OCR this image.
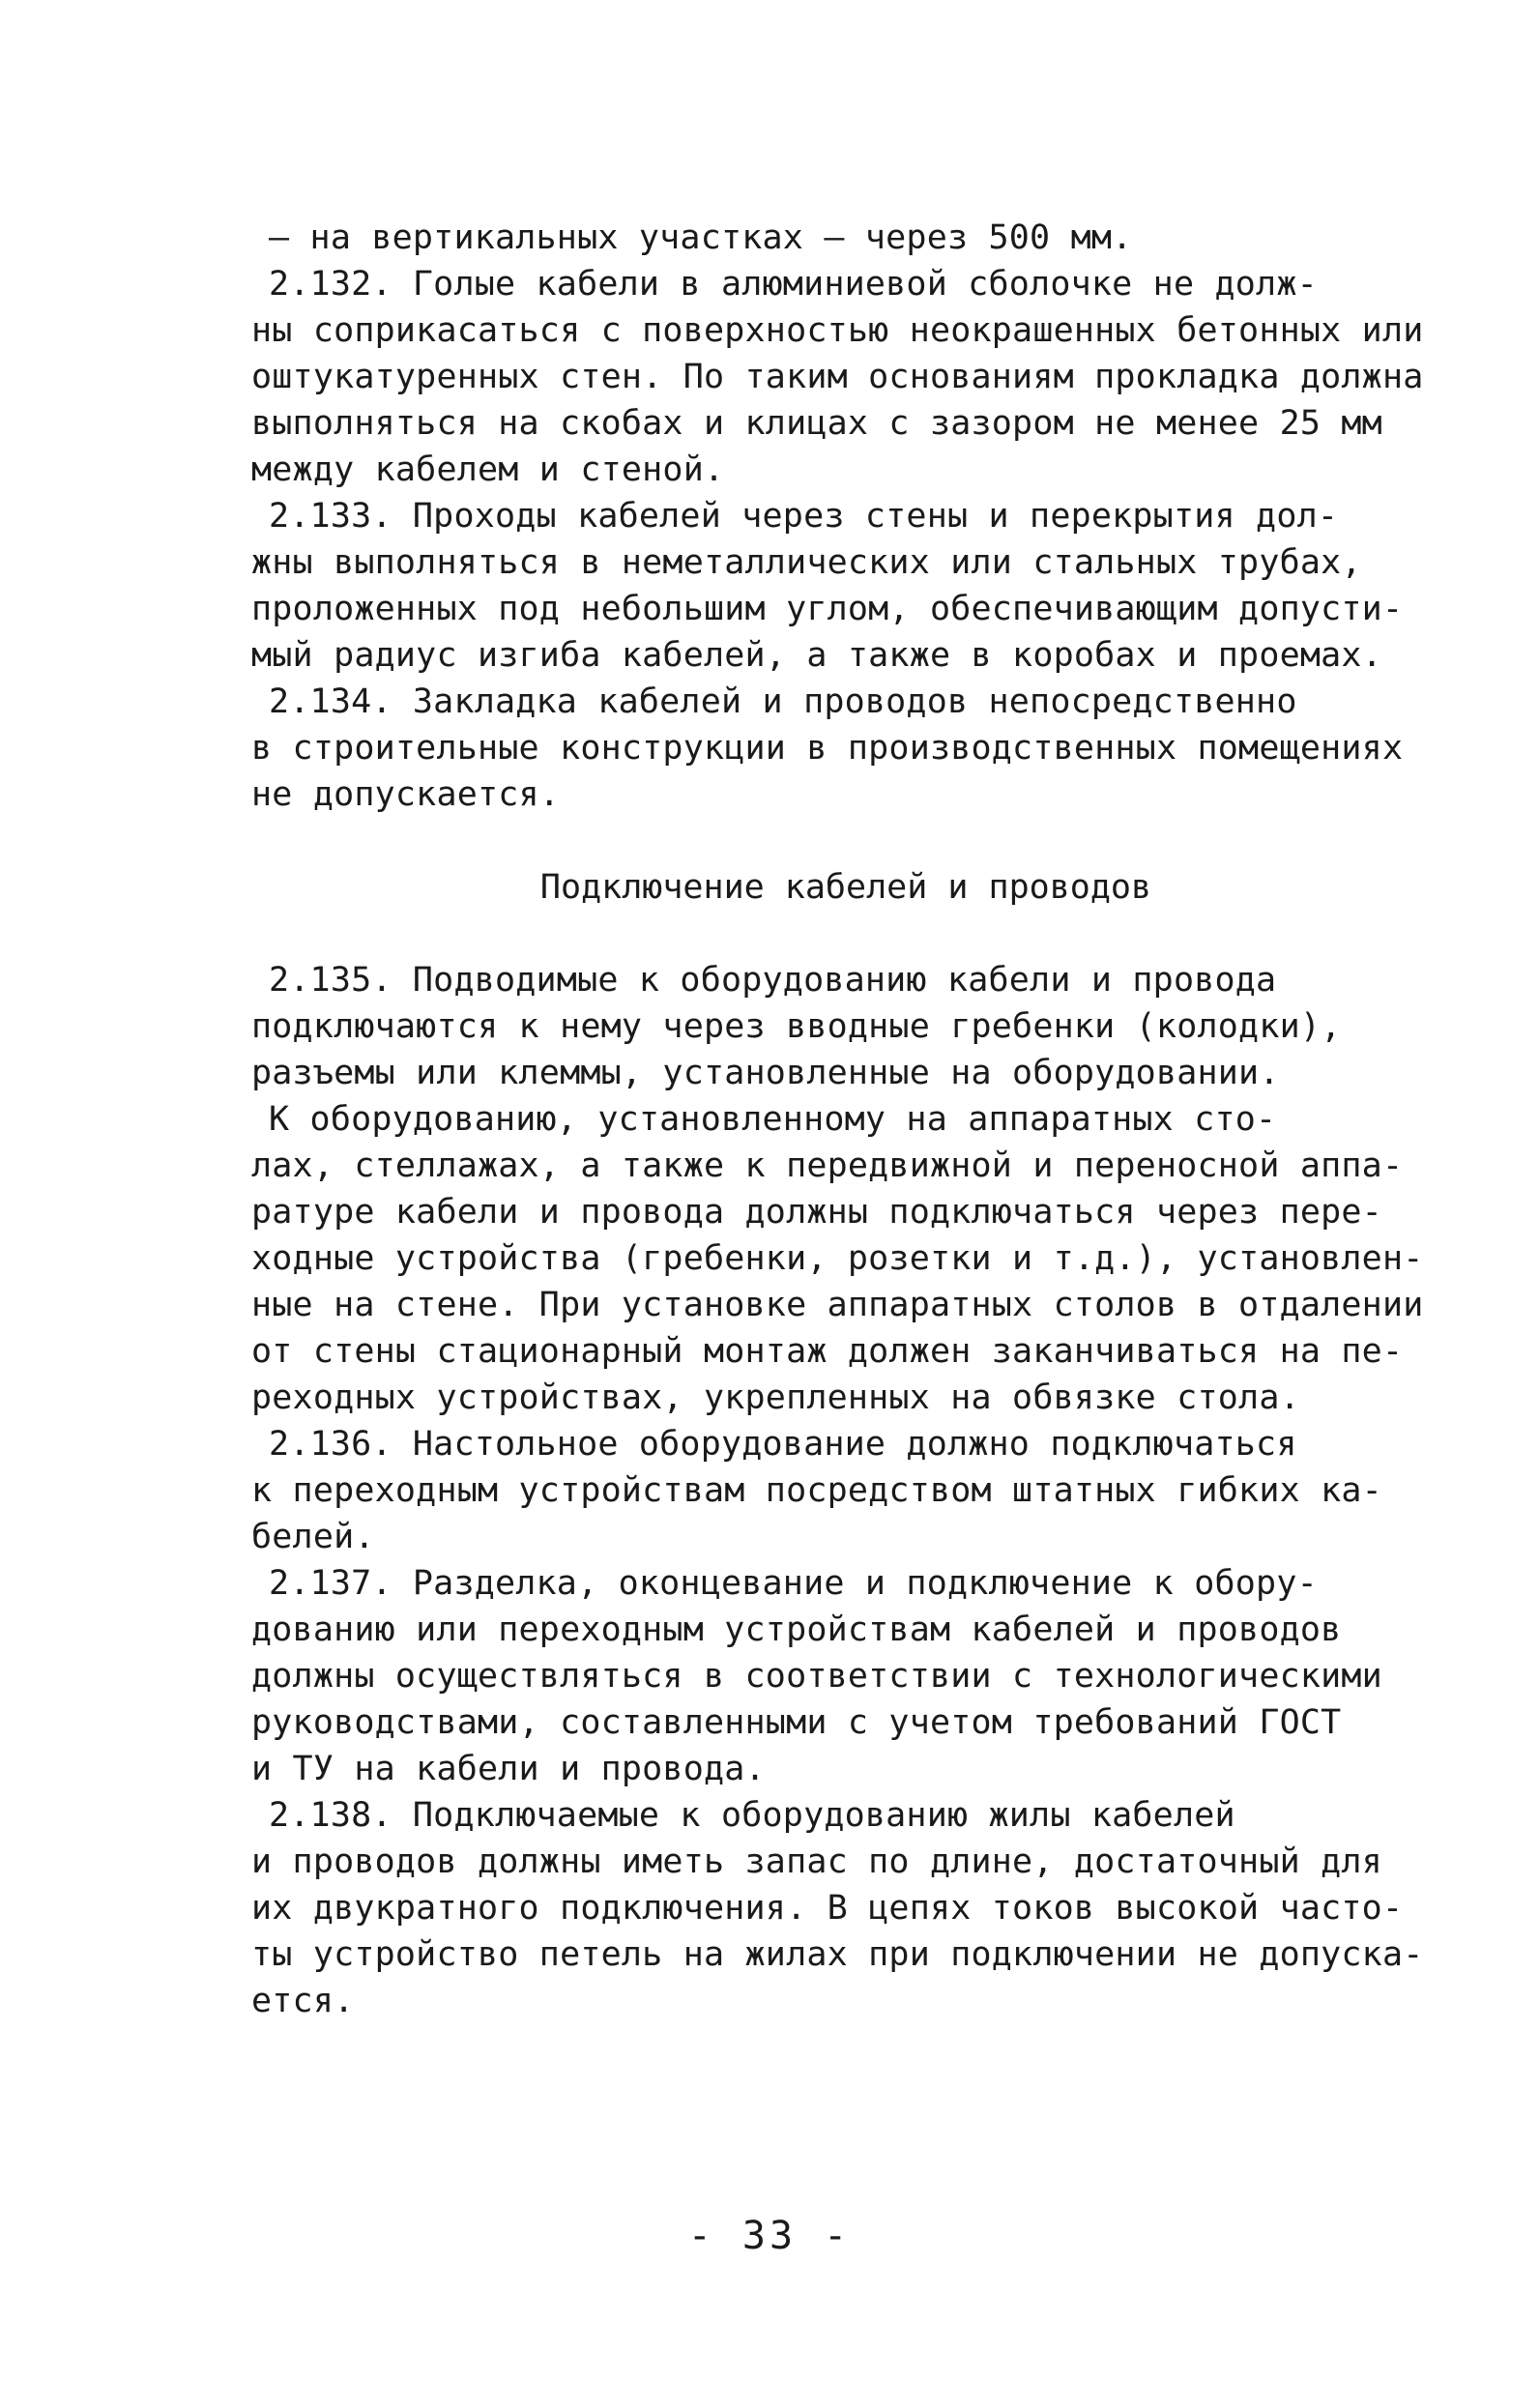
– на вертикальных участках – через 500 мм.
2.132. Голые кабели в алюминиевой сболочке не долж-
ны соприкасаться с поверхностью неокрашенных бетонных или
оштукатуренных стен. По таким основаниям прокладка должна
выполняться на скобах и клицах с зазором не менее 25 мм
между кабелем и стеной.
2.133. Проходы кабелей через стены и перекрытия дол-
жны выполняться в неметаллических или стальных трубах,
проложенных под небольшим углом, обеспечивающим допусти-
мый радиус изгиба кабелей, а также в коробах и проемах.
2.134. Закладка кабелей и проводов непосредственно
в строительные конструкции в производственных помещениях
не допускается.
Подключение кабелей и проводов
2.135. Подводимые к оборудованию кабели и провода
подключаются к нему через вводные гребенки (колодки),
разъемы или клеммы, установленные на оборудовании.
К оборудованию, установленному на аппаратных сто-
лах, стеллажах, а также к передвижной и переносной аппа-
ратуре кабели и провода должны подключаться через пере-
ходные устройства (гребенки, розетки и т.д.), установлен-
ные на стене. При установке аппаратных столов в отдалении
от стены стационарный монтаж должен заканчиваться на пе-
реходных устройствах, укрепленных на обвязке стола.
2.136. Настольное оборудование должно подключаться
к переходным устройствам посредством штатных гибких ка-
белей.
2.137. Разделка, оконцевание и подключение к обору-
дованию или переходным устройствам кабелей и проводов
должны осуществляться в соответствии с технологическими
руководствами, составленными с учетом требований ГОСТ
и ТУ на кабели и провода.
2.138. Подключаемые к оборудованию жилы кабелей
и проводов должны иметь запас по длине, достаточный для
их двукратного подключения. В цепях токов высокой часто-
ты устройство петель на жилах при подключении не допуска-
ется.
- 33 -
